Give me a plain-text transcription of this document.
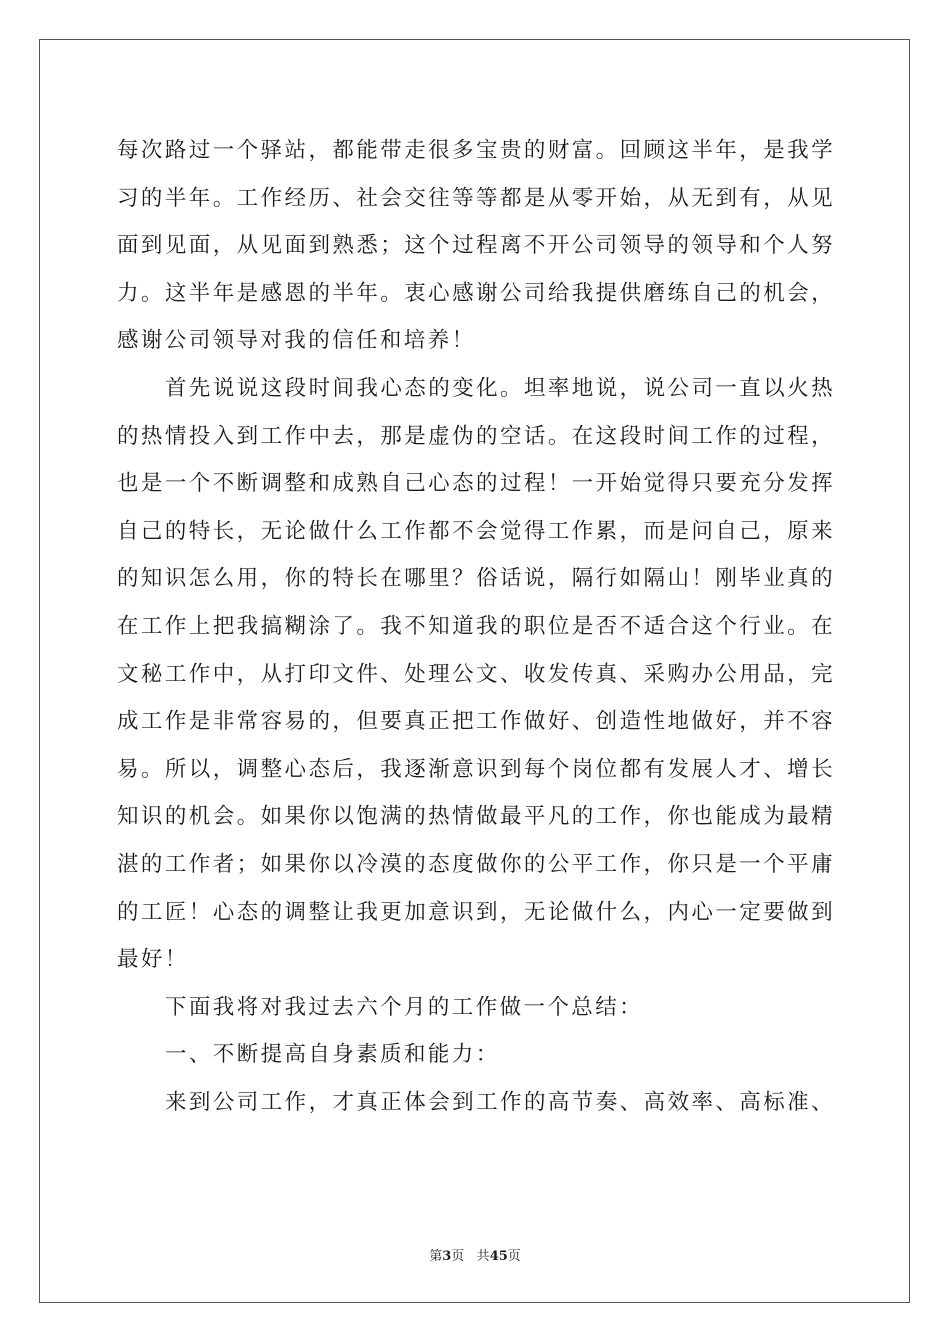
每次路过一个驿站，都能带走很多宝贵的财富。回顾这半年，是我学
习的半年。工作经历、社会交往等等都是从零开始，从无到有，从见
面到见面，从见面到熟悉；这个过程离不开公司领导的领导和个人努
力。这半年是感恩的半年。衷心感谢公司给我提供磨练自己的机会，
感谢公司领导对我的信任和培养！
首先说说这段时间我心态的变化。坦率地说，说公司一直以火热
的热情投入到工作中去，那是虚伪的空话。在这段时间工作的过程，
也是一个不断调整和成熟自己心态的过程！一开始觉得只要充分发挥
自己的特长，无论做什么工作都不会觉得工作累，而是问自己，原来
的知识怎么用，你的特长在哪里？俗话说，隔行如隔山！刚毕业真的
在工作上把我搞糊涂了。我不知道我的职位是否不适合这个行业。在
文秘工作中，从打印文件、处理公文、收发传真、采购办公用品，完
成工作是非常容易的，但要真正把工作做好、创造性地做好，并不容
易。所以，调整心态后，我逐渐意识到每个岗位都有发展人才、增长
知识的机会。如果你以饱满的热情做最平凡的工作，你也能成为最精
湛的工作者；如果你以冷漠的态度做你的公平工作，你只是一个平庸
的工匠！心态的调整让我更加意识到，无论做什么，内心一定要做到
最好！
下面我将对我过去六个月的工作做一个总结：
一、不断提高自身素质和能力：
来到公司工作，才真正体会到工作的高节奏、高效率、高标准、
第3页 共45页
